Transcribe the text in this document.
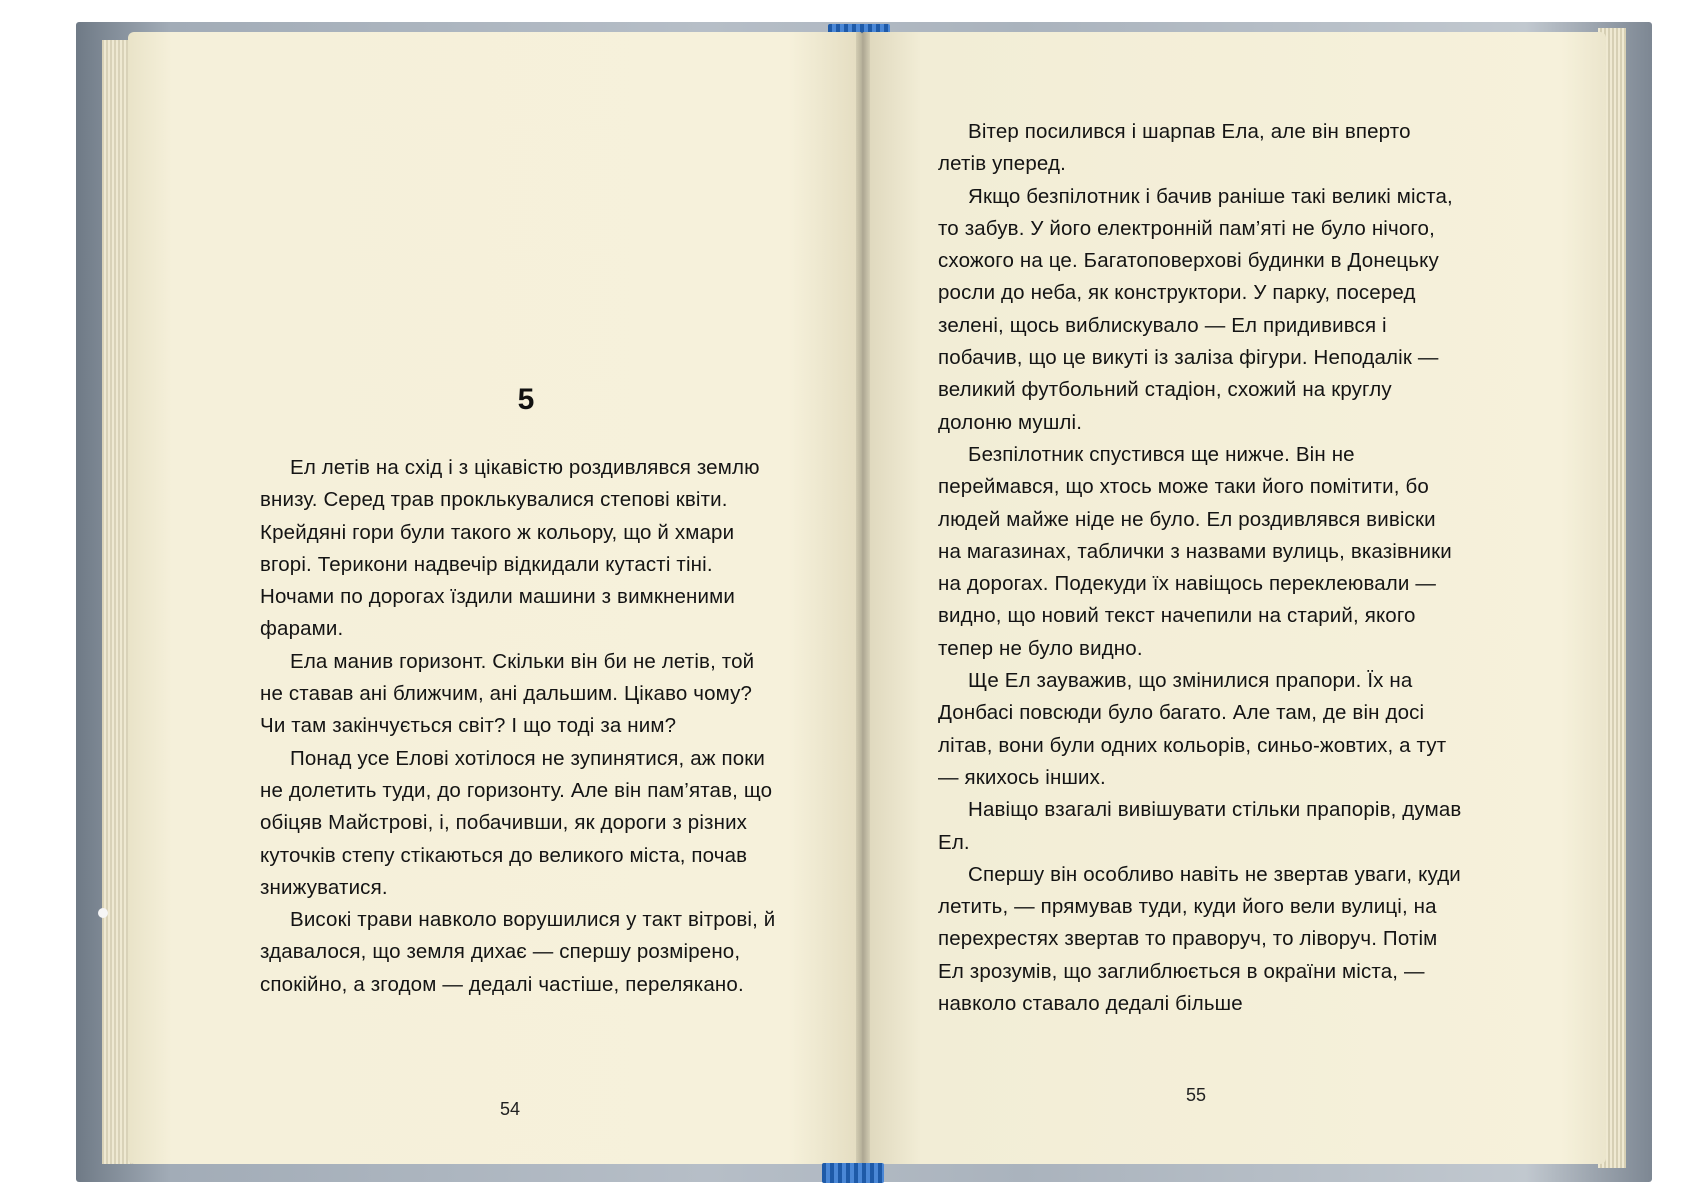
5

Ел летів на схід і з цікавістю роздивлявся землю внизу. Серед трав проклькувалися степові квіти. Крейдяні гори були такого ж кольору, що й хмари вгорі. Терикони надвечір відкидали кутасті тіні. Ночами по дорогах їздили машини з вимкненими фарами.

Ела манив горизонт. Скільки він би не летів, той не ставав ані ближчим, ані дальшим. Цікаво чому? Чи там закінчується світ? І що тоді за ним?

Понад усе Елові хотілося не зупинятися, аж поки не долетить туди, до горизонту. Але він пам’ятав, що обіцяв Майстрові, і, побачивши, як дороги з різних куточків степу стікаються до великого міста, почав знижуватися.

Високі трави навколо ворушилися у такт вітрові, й здавалося, що земля дихає — спершу розмірено, спокійно, а згодом — дедалі частіше, перелякано.

54

Вітер посилився і шарпав Ела, але він вперто летів уперед.

Якщо безпілотник і бачив раніше такі великі міста, то забув. У його електронній пам’яті не було нічого, схожого на це. Багатоповерхові будинки в Донецьку росли до неба, як конструктори. У парку, посеред зелені, щось виблискувало — Ел придивився і побачив, що це викуті із заліза фігури. Неподалік — великий футбольний стадіон, схожий на круглу долоню мушлі.

Безпілотник спустився ще нижче. Він не переймався, що хтось може таки його помітити, бо людей майже ніде не було. Ел роздивлявся вивіски на магазинах, таблички з назвами вулиць, вказівники на дорогах. Подекуди їх навіщось переклеювали — видно, що новий текст начепили на старий, якого тепер не було видно.

Ще Ел зауважив, що змінилися прапори. Їх на Донбасі повсюди було багато. Але там, де він досі літав, вони були одних кольорів, синьо-жовтих, а тут — якихось інших.

Навіщо взагалі вивішувати стільки прапорів, думав Ел.

Спершу він особливо навіть не звертав уваги, куди летить, — прямував туди, куди його вели вулиці, на перехрестях звертав то праворуч, то ліворуч. Потім Ел зрозумів, що заглиблюється в окраїни міста, — навколо ставало дедалі більше

55
